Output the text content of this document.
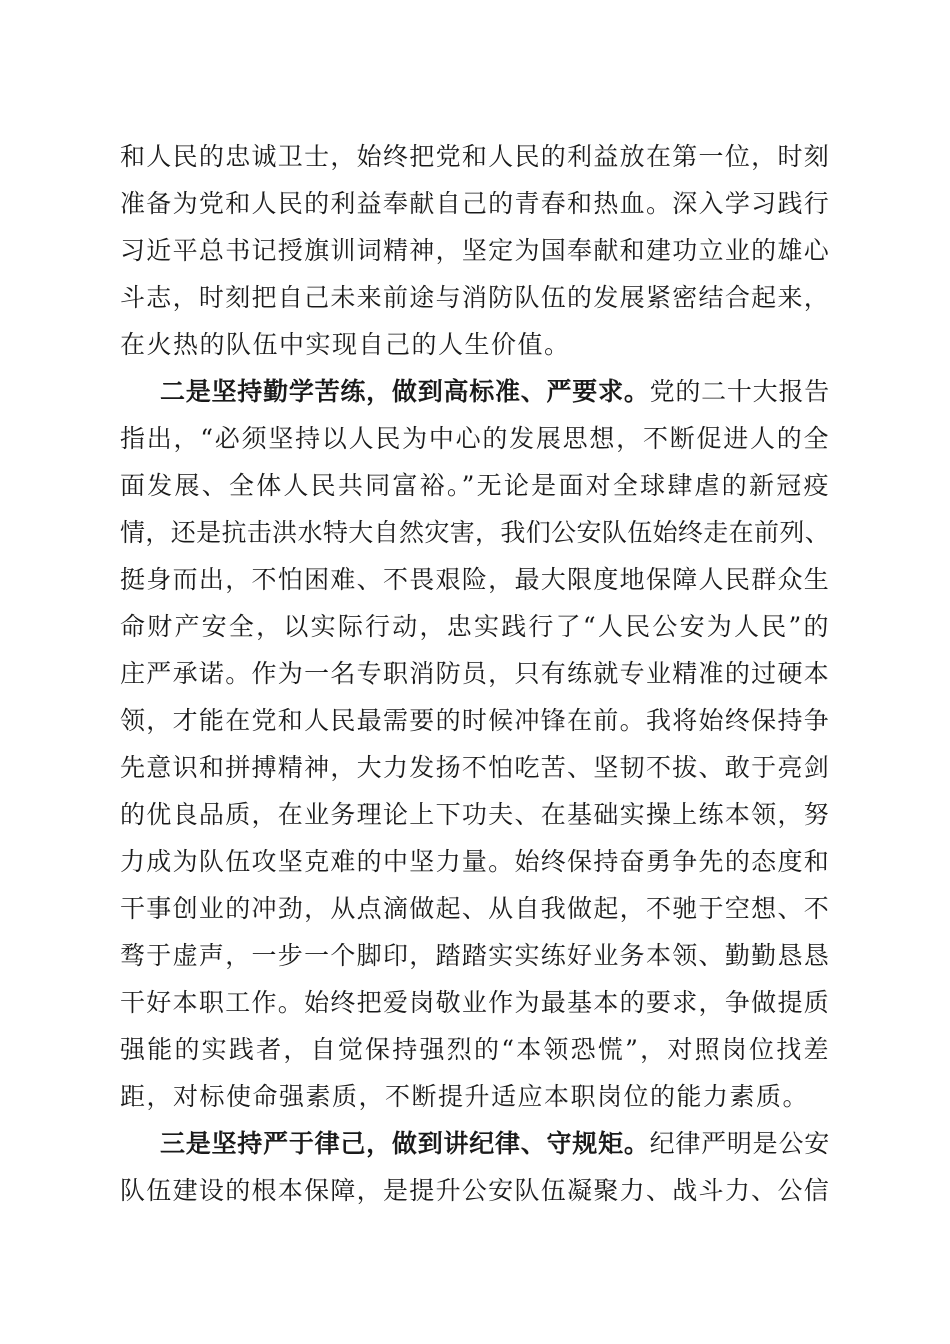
和人民的忠诚卫士，始终把党和人民的利益放在第一位，时刻
准备为党和人民的利益奉献自己的青春和热血。深入学习践行
习近平总书记授旗训词精神，坚定为国奉献和建功立业的雄心
斗志，时刻把自己未来前途与消防队伍的发展紧密结合起来，
在火热的队伍中实现自己的人生价值。
二是坚持勤学苦练，做到高标准、严要求。党的二十大报告
指出，“必须坚持以人民为中心的发展思想，不断促进人的全
面发展、全体人民共同富裕。”无论是面对全球肆虐的新冠疫
情，还是抗击洪水特大自然灾害，我们公安队伍始终走在前列、
挺身而出，不怕困难、不畏艰险，最大限度地保障人民群众生
命财产安全，以实际行动，忠实践行了“人民公安为人民”的
庄严承诺。作为一名专职消防员，只有练就专业精准的过硬本
领，才能在党和人民最需要的时候冲锋在前。我将始终保持争
先意识和拼搏精神，大力发扬不怕吃苦、坚韧不拔、敢于亮剑
的优良品质，在业务理论上下功夫、在基础实操上练本领，努
力成为队伍攻坚克难的中坚力量。始终保持奋勇争先的态度和
干事创业的冲劲，从点滴做起、从自我做起，不驰于空想、不
骛于虚声，一步一个脚印，踏踏实实练好业务本领、勤勤恳恳
干好本职工作。始终把爱岗敬业作为最基本的要求，争做提质
强能的实践者，自觉保持强烈的“本领恐慌”，对照岗位找差
距，对标使命强素质，不断提升适应本职岗位的能力素质。
三是坚持严于律己，做到讲纪律、守规矩。纪律严明是公安
队伍建设的根本保障，是提升公安队伍凝聚力、战斗力、公信
